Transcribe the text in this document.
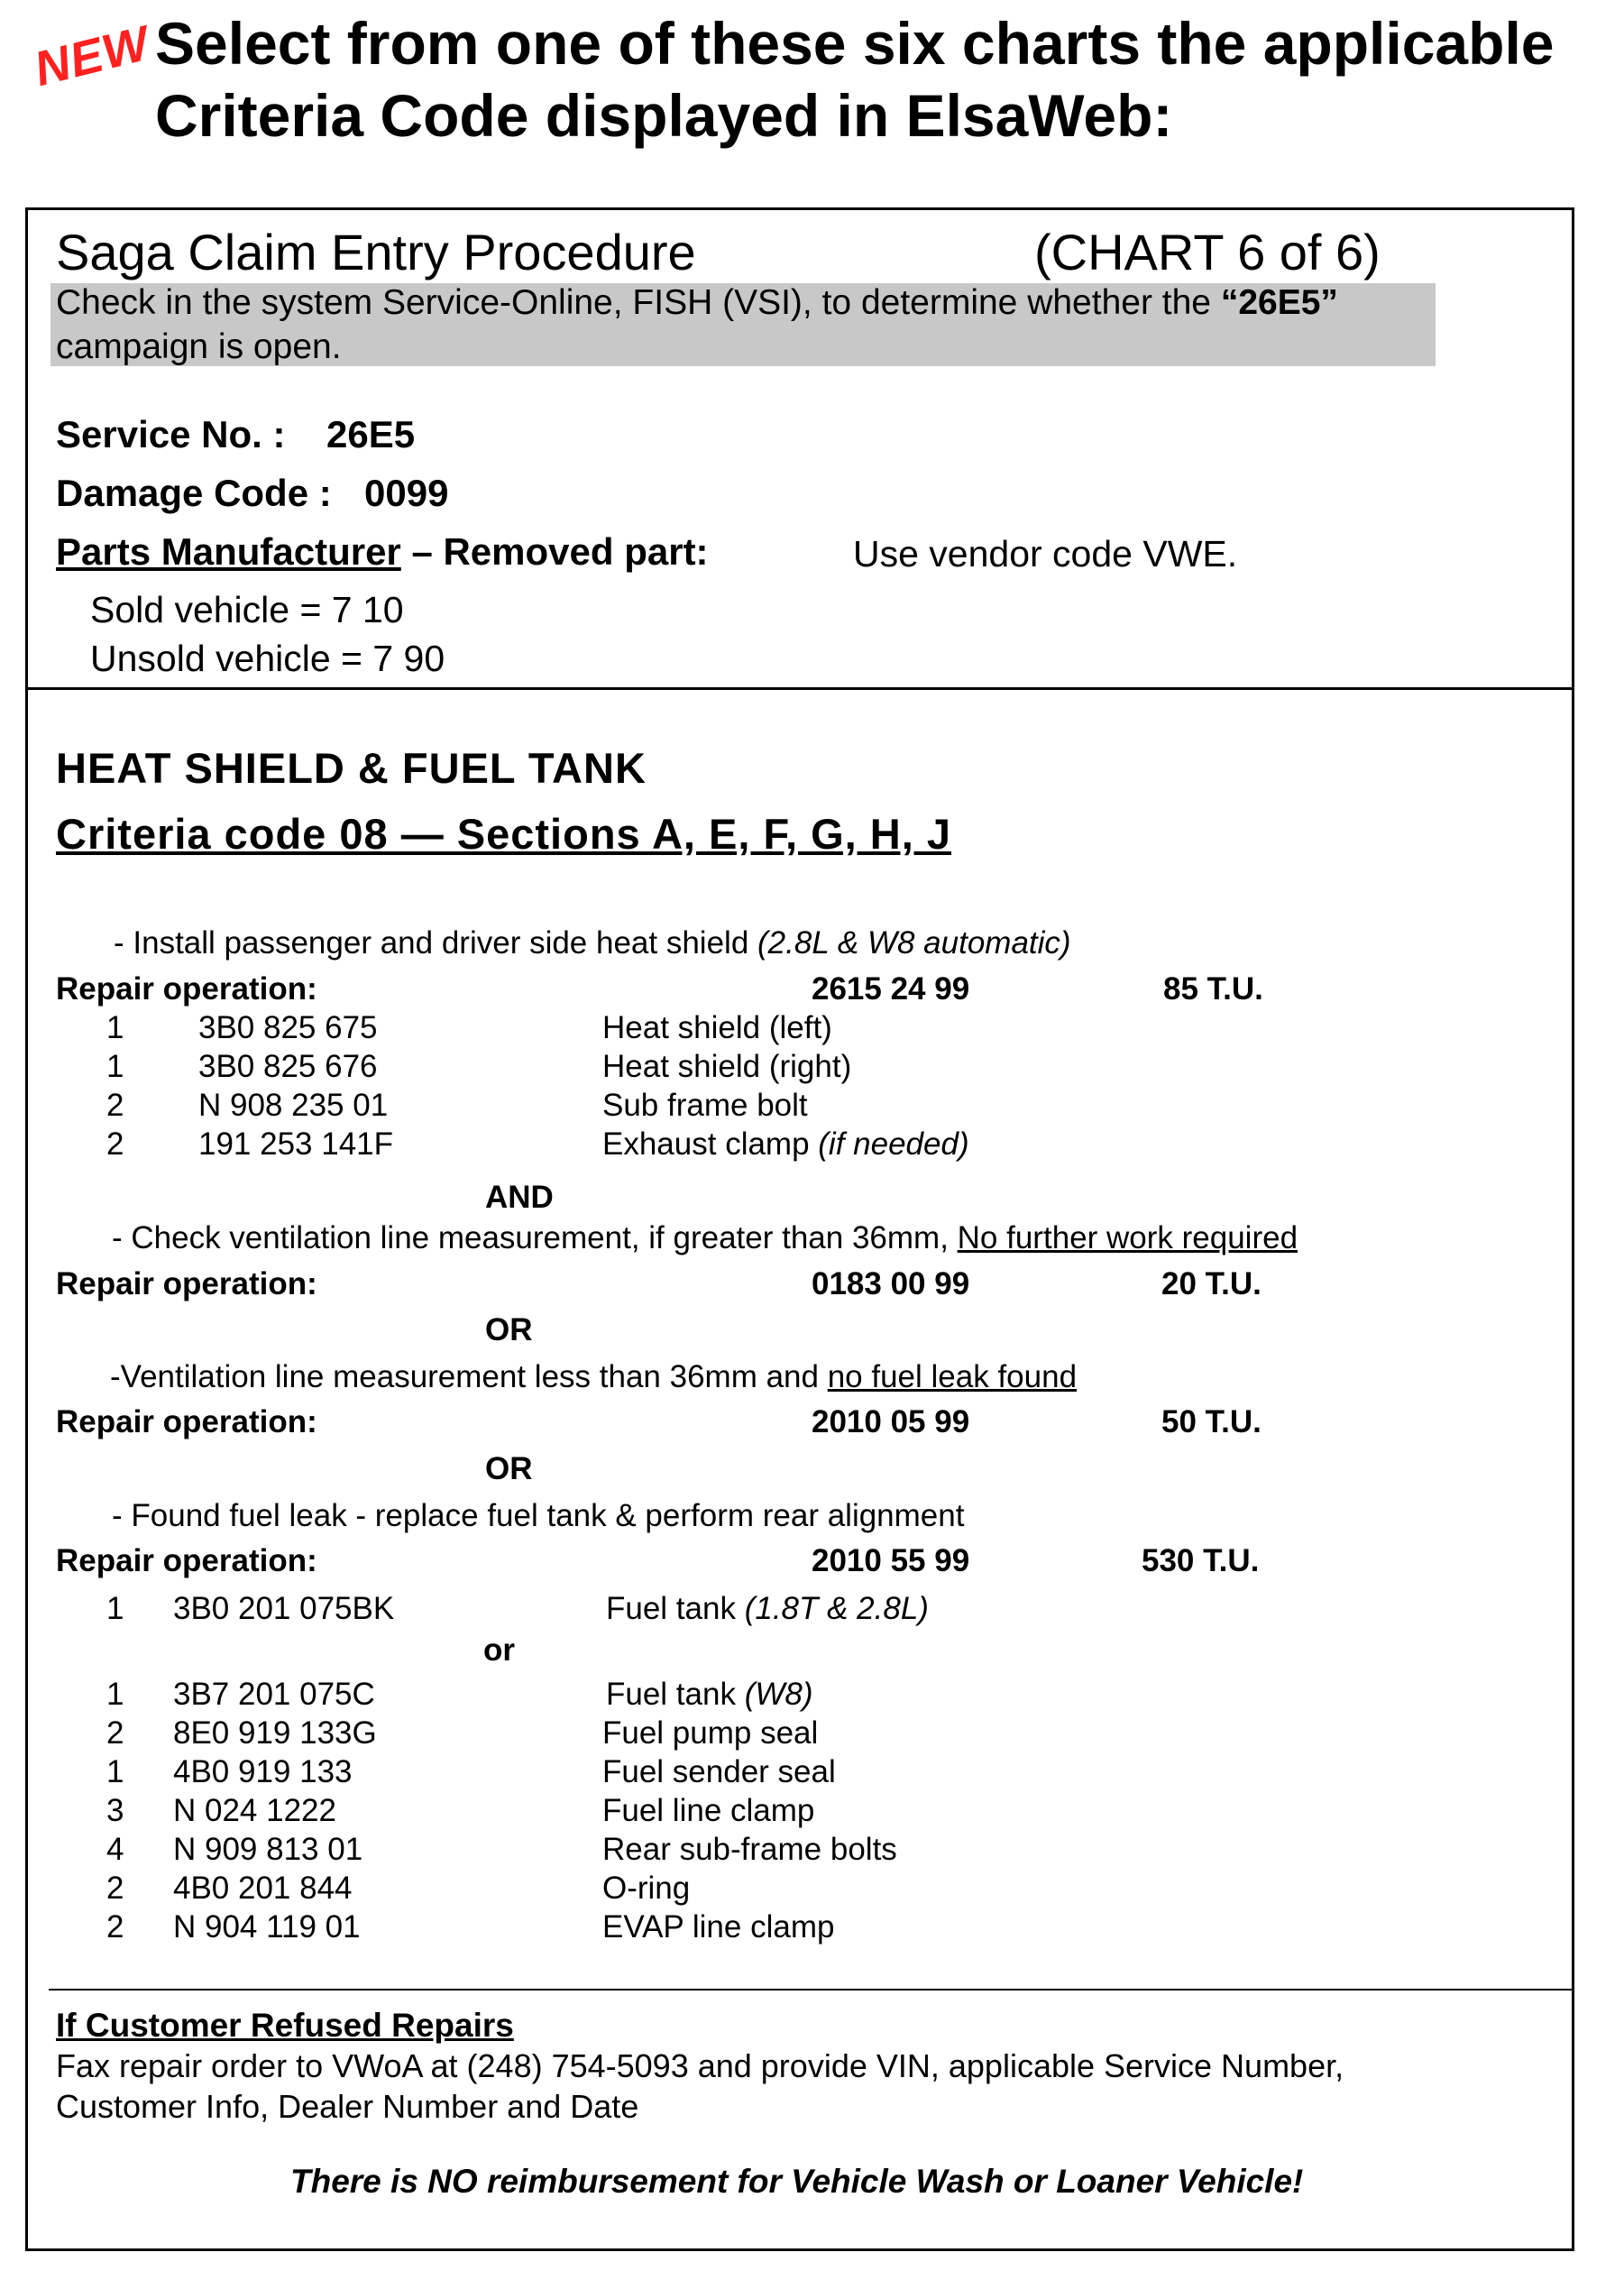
NEW Select from one of these six charts the applicable
Criteria Code displayed in ElsaWeb:
Saga Claim Entry Procedure	(CHART 6 of 6)
Check in the system Service-Online, FISH (VSI), to determine whether the “26E5”
campaign is open.
Service No. : 26E5
Damage Code : 0099
Parts Manufacturer – Removed part:	Use vendor code VWE.
Sold vehicle = 7 10
Unsold vehicle = 7 90
HEAT SHIELD & FUEL TANK
Criteria code 08 — Sections A, E, F, G, H, J
- Install passenger and driver side heat shield (2.8L & W8 automatic)
Repair operation:	2615 24 99	85 T.U.
1 3B0 825 675	Heat shield (left)
1 3B0 825 676	Heat shield (right)
2 N 908 235 01	Sub frame bolt
2 191 253 141F	Exhaust clamp (if needed)
AND
- Check ventilation line measurement, if greater than 36mm, No further work required
Repair operation:	0183 00 99	20 T.U.
OR
-Ventilation line measurement less than 36mm and no fuel leak found
Repair operation:	2010 05 99	50 T.U.
OR
- Found fuel leak - replace fuel tank & perform rear alignment
Repair operation:	2010 55 99	530 T.U.
1 3B0 201 075BK	Fuel tank (1.8T & 2.8L)
or
1 3B7 201 075C	Fuel tank (W8)
2 8E0 919 133G	Fuel pump seal
1 4B0 919 133	Fuel sender seal
3 N 024 1222	Fuel line clamp
4 N 909 813 01	Rear sub-frame bolts
2 4B0 201 844	O-ring
2 N 904 119 01	EVAP line clamp
If Customer Refused Repairs
Fax repair order to VWoA at (248) 754-5093 and provide VIN, applicable Service Number,
Customer Info, Dealer Number and Date
There is NO reimbursement for Vehicle Wash or Loaner Vehicle!
